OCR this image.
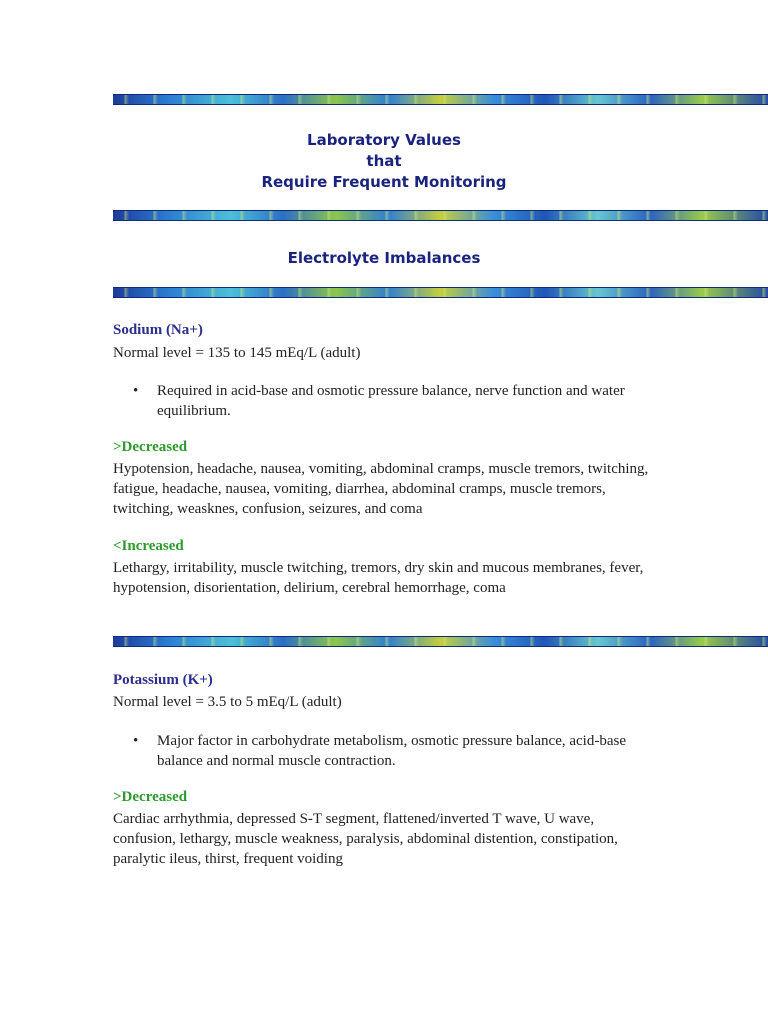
Laboratory Values
that
Require Frequent Monitoring
Electrolyte Imbalances
Sodium (Na+)
Normal level = 135 to 145 mEq/L (adult)
• Required in acid-base and osmotic pressure balance, nerve function and water equilibrium.
>Decreased
Hypotension, headache, nausea, vomiting, abdominal cramps, muscle tremors, twitching, fatigue, headache, nausea, vomiting, diarrhea, abdominal cramps, muscle tremors, twitching, weasknes, confusion, seizures, and coma
<Increased
Lethargy, irritability, muscle twitching, tremors, dry skin and mucous membranes, fever, hypotension, disorientation, delirium, cerebral hemorrhage, coma
Potassium (K+)
Normal level = 3.5 to 5 mEq/L (adult)
• Major factor in carbohydrate metabolism, osmotic pressure balance, acid-base balance and normal muscle contraction.
>Decreased
Cardiac arrhythmia, depressed S-T segment, flattened/inverted T wave, U wave, confusion, lethargy, muscle weakness, paralysis, abdominal distention, constipation, paralytic ileus, thirst, frequent voiding
